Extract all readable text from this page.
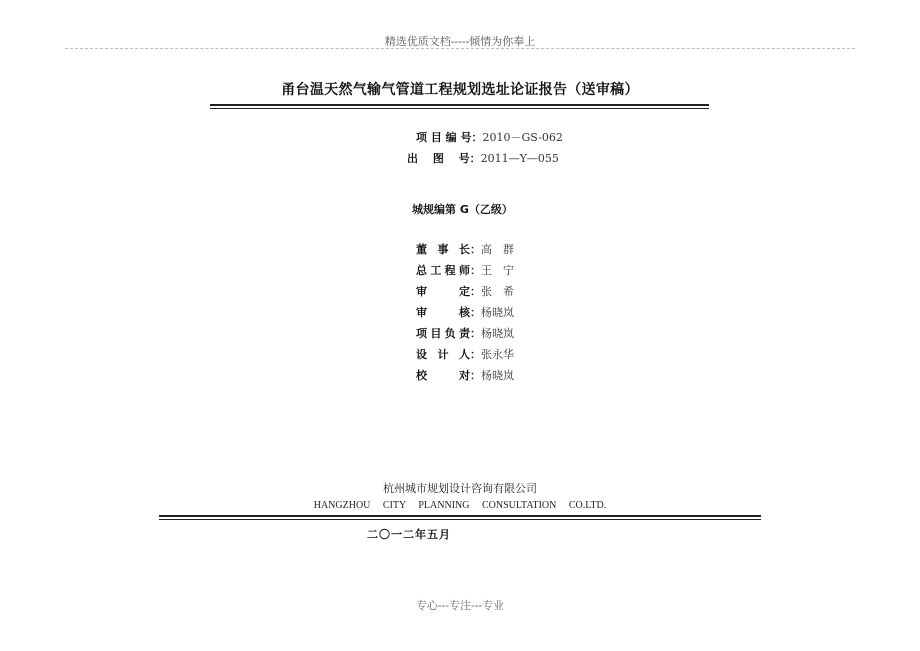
精选优质文档-----倾情为你奉上
甬台温天然气输气管道工程规划选址论证报告（送审稿）
项 目 编 号：2010－GS-062
出　 图　 号：2011—Y—055
城规编第 G（乙级）
董事长：高　群
总工程师：王　宁
审定：张　希
审核：杨晓岚
项目负责：杨晓岚
设计人：张永华
校对：杨晓岚
杭州城市规划设计咨询有限公司
HANGZHOU CITY PLANNING CONSULTATION CO.LTD.
二〇一二年五月
专心---专注---专业
